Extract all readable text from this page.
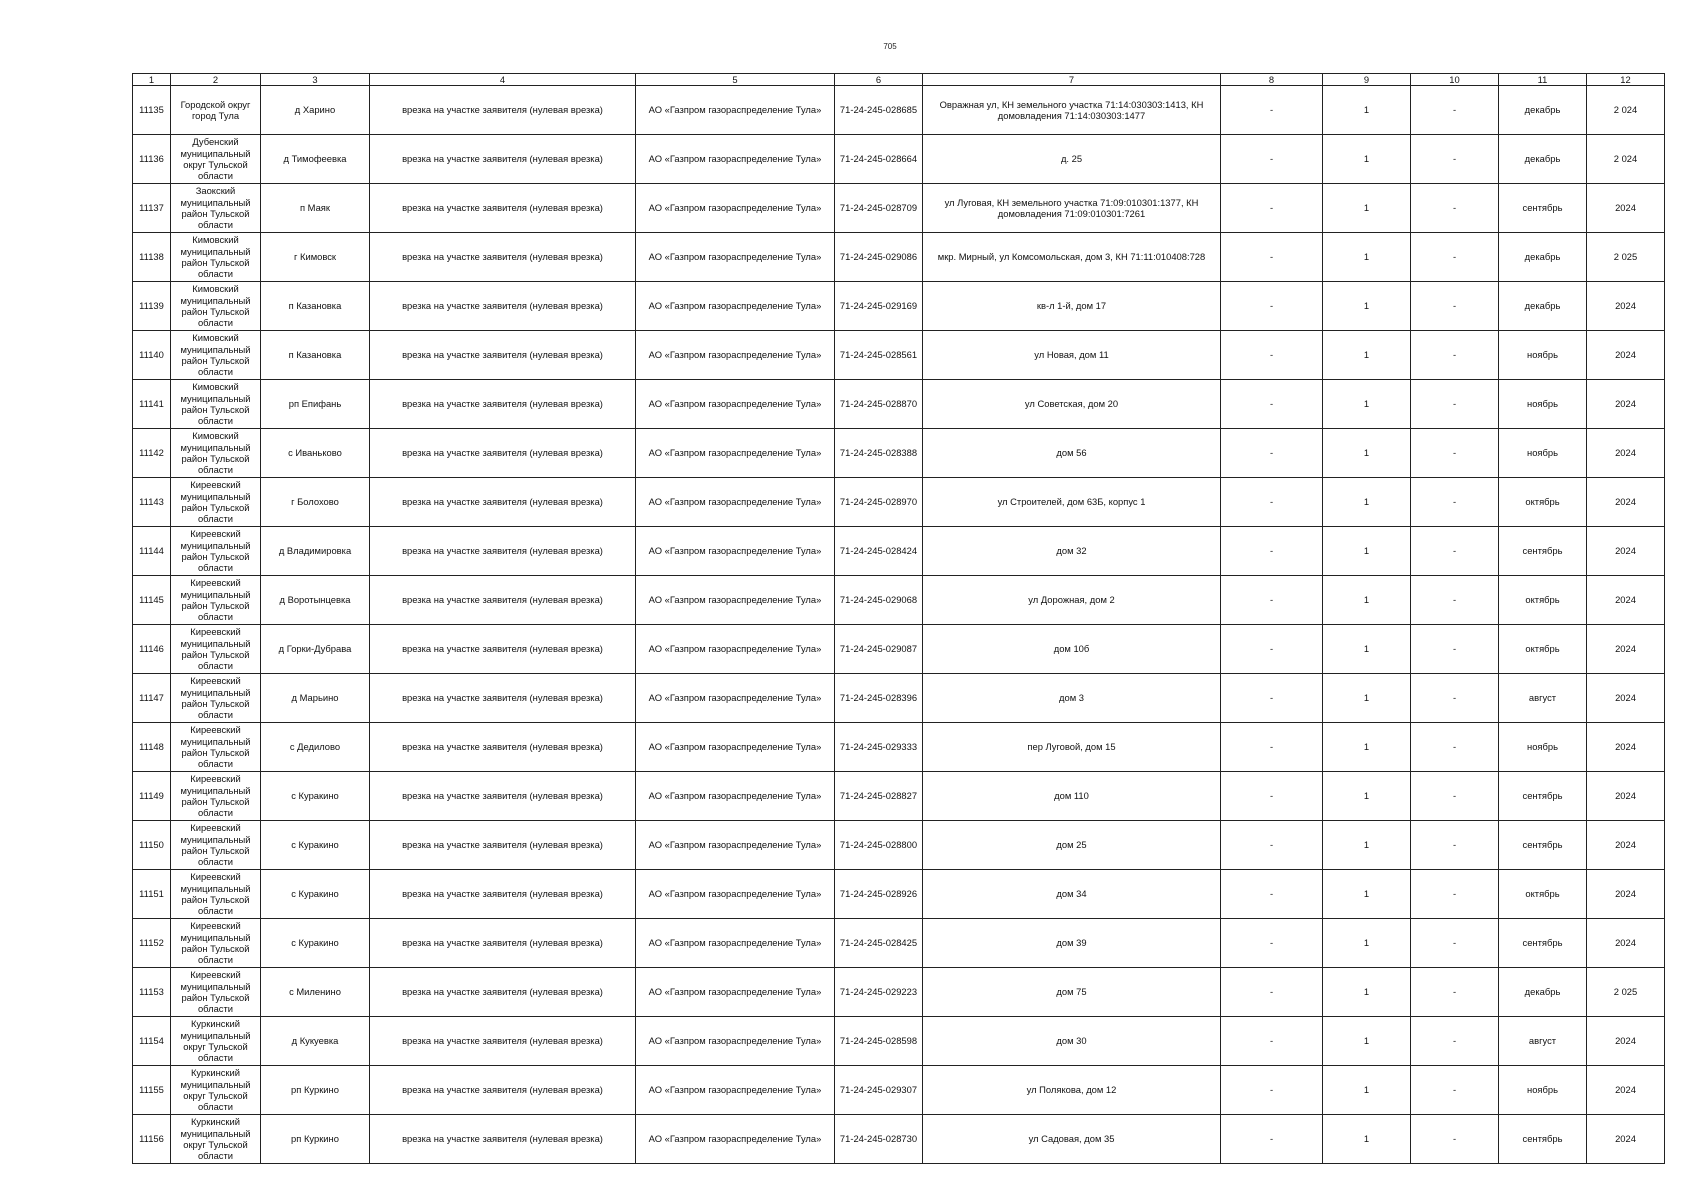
705
1	2	3	4	5	6	7	8	9	10	11	12
11135	Городской округ город Тула	д Харино	врезка на участке заявителя (нулевая врезка)	АО «Газпром газораспределение Тула»	71-24-245-028685	Овражная ул, КН земельного участка 71:14:030303:1413, КН домовладения 71:14:030303:1477	-	1	-	декабрь	2 024
11136	Дубенский муниципальный округ Тульской области	д Тимофеевка	врезка на участке заявителя (нулевая врезка)	АО «Газпром газораспределение Тула»	71-24-245-028664	д. 25	-	1	-	декабрь	2 024
11137	Заокский муниципальный район Тульской области	п Маяк	врезка на участке заявителя (нулевая врезка)	АО «Газпром газораспределение Тула»	71-24-245-028709	ул Луговая, КН земельного участка 71:09:010301:1377, КН домовладения 71:09:010301:7261	-	1	-	сентябрь	2024
11138	Кимовский муниципальный район Тульской области	г Кимовск	врезка на участке заявителя (нулевая врезка)	АО «Газпром газораспределение Тула»	71-24-245-029086	мкр. Мирный, ул Комсомольская, дом 3, КН 71:11:010408:728	-	1	-	декабрь	2 025
11139	Кимовский муниципальный район Тульской области	п Казановка	врезка на участке заявителя (нулевая врезка)	АО «Газпром газораспределение Тула»	71-24-245-029169	кв-л 1-й, дом 17	-	1	-	декабрь	2024
11140	Кимовский муниципальный район Тульской области	п Казановка	врезка на участке заявителя (нулевая врезка)	АО «Газпром газораспределение Тула»	71-24-245-028561	ул Новая, дом 11	-	1	-	ноябрь	2024
11141	Кимовский муниципальный район Тульской области	рп Епифань	врезка на участке заявителя (нулевая врезка)	АО «Газпром газораспределение Тула»	71-24-245-028870	ул Советская, дом 20	-	1	-	ноябрь	2024
11142	Кимовский муниципальный район Тульской области	с Иваньково	врезка на участке заявителя (нулевая врезка)	АО «Газпром газораспределение Тула»	71-24-245-028388	дом 56	-	1	-	ноябрь	2024
11143	Киреевский муниципальный район Тульской области	г Болохово	врезка на участке заявителя (нулевая врезка)	АО «Газпром газораспределение Тула»	71-24-245-028970	ул Строителей, дом 63Б, корпус 1	-	1	-	октябрь	2024
11144	Киреевский муниципальный район Тульской области	д Владимировка	врезка на участке заявителя (нулевая врезка)	АО «Газпром газораспределение Тула»	71-24-245-028424	дом 32	-	1	-	сентябрь	2024
11145	Киреевский муниципальный район Тульской области	д Воротынцевка	врезка на участке заявителя (нулевая врезка)	АО «Газпром газораспределение Тула»	71-24-245-029068	ул Дорожная, дом 2	-	1	-	октябрь	2024
11146	Киреевский муниципальный район Тульской области	д Горки-Дубрава	врезка на участке заявителя (нулевая врезка)	АО «Газпром газораспределение Тула»	71-24-245-029087	дом 10б	-	1	-	октябрь	2024
11147	Киреевский муниципальный район Тульской области	д Марьино	врезка на участке заявителя (нулевая врезка)	АО «Газпром газораспределение Тула»	71-24-245-028396	дом 3	-	1	-	август	2024
11148	Киреевский муниципальный район Тульской области	с Дедилово	врезка на участке заявителя (нулевая врезка)	АО «Газпром газораспределение Тула»	71-24-245-029333	пер Луговой, дом 15	-	1	-	ноябрь	2024
11149	Киреевский муниципальный район Тульской области	с Куракино	врезка на участке заявителя (нулевая врезка)	АО «Газпром газораспределение Тула»	71-24-245-028827	дом 110	-	1	-	сентябрь	2024
11150	Киреевский муниципальный район Тульской области	с Куракино	врезка на участке заявителя (нулевая врезка)	АО «Газпром газораспределение Тула»	71-24-245-028800	дом 25	-	1	-	сентябрь	2024
11151	Киреевский муниципальный район Тульской области	с Куракино	врезка на участке заявителя (нулевая врезка)	АО «Газпром газораспределение Тула»	71-24-245-028926	дом 34	-	1	-	октябрь	2024
11152	Киреевский муниципальный район Тульской области	с Куракино	врезка на участке заявителя (нулевая врезка)	АО «Газпром газораспределение Тула»	71-24-245-028425	дом 39	-	1	-	сентябрь	2024
11153	Киреевский муниципальный район Тульской области	с Миленино	врезка на участке заявителя (нулевая врезка)	АО «Газпром газораспределение Тула»	71-24-245-029223	дом 75	-	1	-	декабрь	2 025
11154	Куркинский муниципальный округ Тульской области	д Кукуевка	врезка на участке заявителя (нулевая врезка)	АО «Газпром газораспределение Тула»	71-24-245-028598	дом 30	-	1	-	август	2024
11155	Куркинский муниципальный округ Тульской области	рп Куркино	врезка на участке заявителя (нулевая врезка)	АО «Газпром газораспределение Тула»	71-24-245-029307	ул Полякова, дом 12	-	1	-	ноябрь	2024
11156	Куркинский муниципальный округ Тульской области	рп Куркино	врезка на участке заявителя (нулевая врезка)	АО «Газпром газораспределение Тула»	71-24-245-028730	ул Садовая, дом 35	-	1	-	сентябрь	2024
